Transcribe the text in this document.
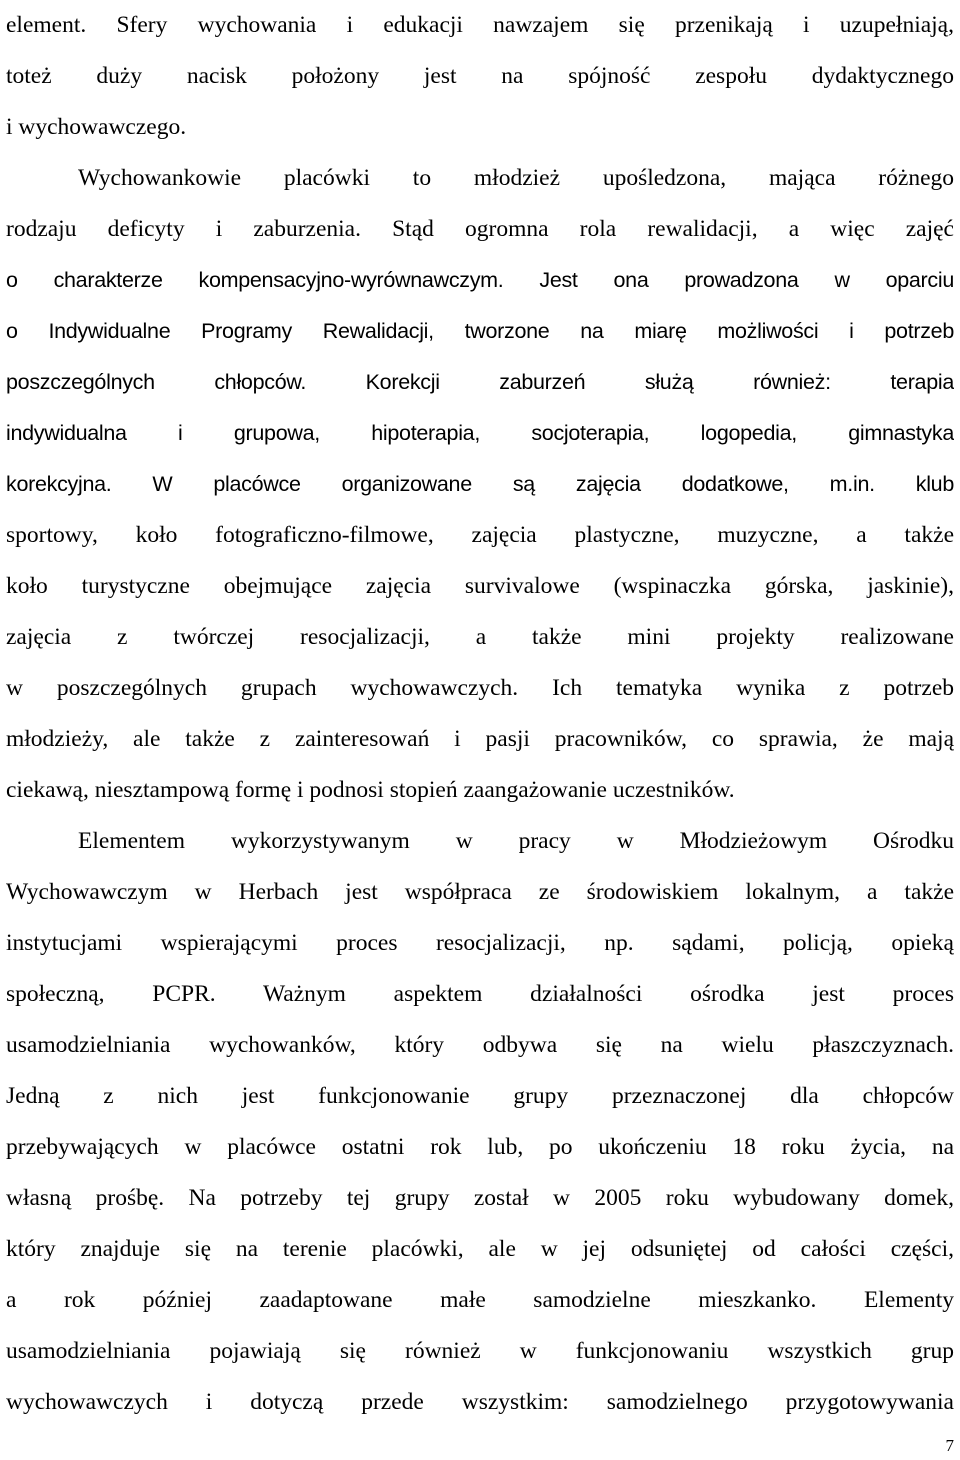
element. Sfery wychowania i edukacji nawzajem się przenikają i uzupełniają,
toteż duży nacisk położony jest na spójność zespołu dydaktycznego
i wychowawczego.
Wychowankowie placówki to młodzież upośledzona, mająca różnego
rodzaju deficyty i zaburzenia. Stąd ogromna rola rewalidacji, a więc zajęć
o charakterze kompensacyjno-wyrównawczym. Jest ona prowadzona w oparciu
o Indywidualne Programy Rewalidacji, tworzone na miarę możliwości i potrzeb
poszczególnych chłopców. Korekcji zaburzeń służą również: terapia
indywidualna i grupowa, hipoterapia, socjoterapia, logopedia, gimnastyka
korekcyjna. W placówce organizowane są zajęcia dodatkowe, m.in. klub
sportowy, koło fotograficzno-filmowe, zajęcia plastyczne, muzyczne, a także
koło turystyczne obejmujące zajęcia survivalowe (wspinaczka górska, jaskinie),
zajęcia z twórczej resocjalizacji, a także mini projekty realizowane
w poszczególnych grupach wychowawczych. Ich tematyka wynika z potrzeb
młodzieży, ale także z zainteresowań i pasji pracowników, co sprawia, że mają
ciekawą, niesztampową formę i podnosi stopień zaangażowanie uczestników.
Elementem wykorzystywanym w pracy w Młodzieżowym Ośrodku
Wychowawczym w Herbach jest współpraca ze środowiskiem lokalnym, a także
instytucjami wspierającymi proces resocjalizacji, np. sądami, policją, opieką
społeczną, PCPR. Ważnym aspektem działalności ośrodka jest proces
usamodzielniania wychowanków, który odbywa się na wielu płaszczyznach.
Jedną z nich jest funkcjonowanie grupy przeznaczonej dla chłopców
przebywających w placówce ostatni rok lub, po ukończeniu 18 roku życia, na
własną prośbę. Na potrzeby tej grupy został w 2005 roku wybudowany domek,
który znajduje się na terenie placówki, ale w jej odsuniętej od całości części,
a rok później zaadaptowane małe samodzielne mieszkanko. Elementy
usamodzielniania pojawiają się również w funkcjonowaniu wszystkich grup
wychowawczych i dotyczą przede wszystkim: samodzielnego przygotowywania
7
